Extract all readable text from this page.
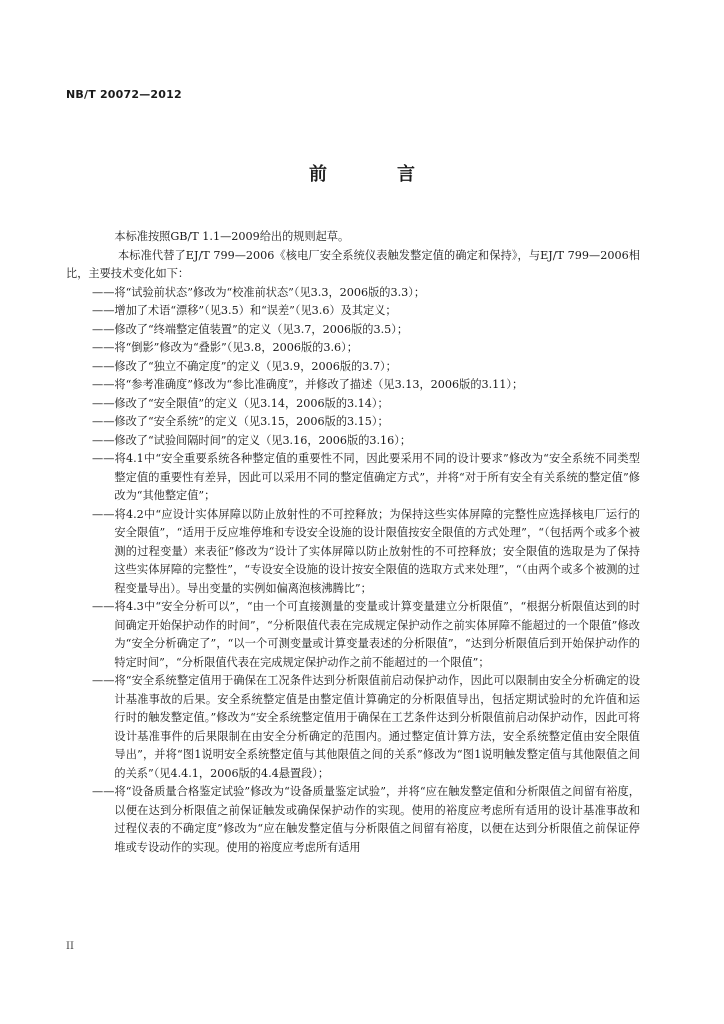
NB/T 20072—2012
前　言

本标准按照GB/T 1.1—2009给出的规则起草。

本标准代替了EJ/T 799—2006《核电厂安全系统仪表触发整定值的确定和保持》，与EJ/T 799—2006相比，主要技术变化如下：

——将“试验前状态”修改为“校准前状态”（见3.3，2006版的3.3）；

——增加了术语“漂移”（见3.5）和“误差”（见3.6）及其定义；

——修改了“终端整定值装置”的定义（见3.7，2006版的3.5）；

——将“倒影”修改为“叠影”（见3.8，2006版的3.6）；

——修改了“独立不确定度”的定义（见3.9，2006版的3.7）；

——将“参考准确度”修改为“参比准确度”，并修改了描述（见3.13，2006版的3.11）；

——修改了“安全限值”的定义（见3.14，2006版的3.14）；

——修改了“安全系统”的定义（见3.15，2006版的3.15）；

——修改了“试验间隔时间”的定义（见3.16，2006版的3.16）；

——将4.1中“安全重要系统各种整定值的重要性不同，因此要采用不同的设计要求”修改为“安全系统不同类型整定值的重要性有差异，因此可以采用不同的整定值确定方式”，并将“对于所有安全有关系统的整定值”修改为“其他整定值”；

——将4.2中“应设计实体屏障以防止放射性的不可控释放；为保持这些实体屏障的完整性应选择核电厂运行的安全限值”，“适用于反应堆停堆和专设安全设施的设计限值按安全限值的方式处理”，“（包括两个或多个被测的过程变量）来表征”修改为“设计了实体屏障以防止放射性的不可控释放；安全限值的选取是为了保持这些实体屏障的完整性”，“专设安全设施的设计按安全限值的选取方式来处理”，“（由两个或多个被测的过程变量导出）。导出变量的实例如偏离泡核沸腾比”；

——将4.3中“安全分析可以”，“由一个可直接测量的变量或计算变量建立分析限值”，“根据分析限值达到的时间确定开始保护动作的时间”，“分析限值代表在完成规定保护动作之前实体屏障不能超过的一个限值”修改为“安全分析确定了”，“以一个可测变量或计算变量表述的分析限值”，“达到分析限值后到开始保护动作的特定时间”，“分析限值代表在完成规定保护动作之前不能超过的一个限值”；

——将“安全系统整定值用于确保在工况条件达到分析限值前启动保护动作，因此可以限制由安全分析确定的设计基准事故的后果。安全系统整定值是由整定值计算确定的分析限值导出，包括定期试验时的允许值和运行时的触发整定值。”修改为“安全系统整定值用于确保在工艺条件达到分析限值前启动保护动作，因此可将设计基准事件的后果限制在由安全分析确定的范围内。通过整定值计算方法，安全系统整定值由安全限值导出”，并将“图1说明安全系统整定值与其他限值之间的关系”修改为“图1说明触发整定值与其他限值之间的关系”（见4.4.1，2006版的4.4悬置段）；

——将“设备质量合格鉴定试验”修改为“设备质量鉴定试验”，并将“应在触发整定值和分析限值之间留有裕度，以便在达到分析限值之前保证触发或确保保护动作的实现。使用的裕度应考虑所有适用的设计基准事故和过程仪表的不确定度”修改为“应在触发整定值与分析限值之间留有裕度，以便在达到分析限值之前保证停堆或专设动作的实现。使用的裕度应考虑所有适用

II
